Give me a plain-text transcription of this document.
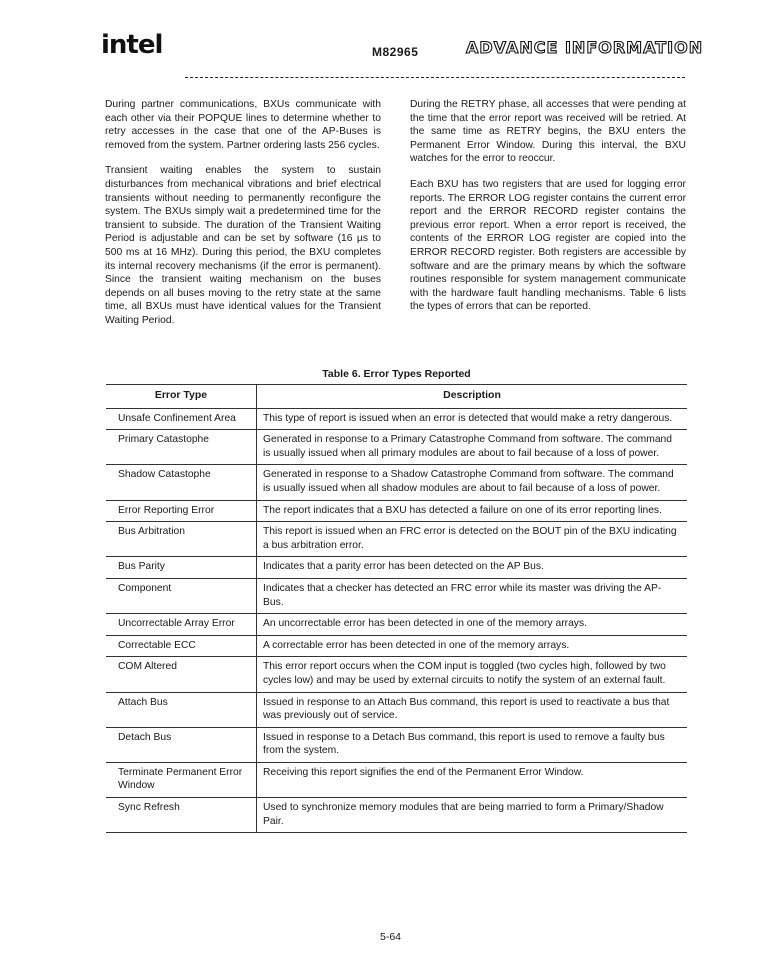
intel	M82965	ADVANCE INFORMATION

During partner communications, BXUs communicate with each other via their POPQUE lines to determine whether to retry accesses in the case that one of the AP-Buses is removed from the system. Partner ordering lasts 256 cycles.

Transient waiting enables the system to sustain disturbances from mechanical vibrations and brief electrical transients without needing to permanently reconfigure the system. The BXUs simply wait a predetermined time for the transient to subside. The duration of the Transient Waiting Period is adjustable and can be set by software (16 µs to 500 ms at 16 MHz). During this period, the BXU completes its internal recovery mechanisms (if the error is permanent). Since the transient waiting mechanism on the buses depends on all buses moving to the retry state at the same time, all BXUs must have identical values for the Transient Waiting Period.

During the RETRY phase, all accesses that were pending at the time that the error report was received will be retried. At the same time as RETRY begins, the BXU enters the Permanent Error Window. During this interval, the BXU watches for the error to reoccur.

Each BXU has two registers that are used for logging error reports. The ERROR LOG register contains the current error report and the ERROR RECORD register contains the previous error report. When a error report is received, the contents of the ERROR LOG register are copied into the ERROR RECORD register. Both registers are accessible by software and are the primary means by which the software routines responsible for system management communicate with the hardware fault handling mechanisms. Table 6 lists the types of errors that can be reported.

Table 6. Error Types Reported
Error Type	Description
Unsafe Confinement Area	This type of report is issued when an error is detected that would make a retry dangerous.
Primary Catastophe	Generated in response to a Primary Catastrophe Command from software. The command is usually issued when all primary modules are about to fail because of a loss of power.
Shadow Catastophe	Generated in response to a Shadow Catastrophe Command from software. The command is usually issued when all shadow modules are about to fail because of a loss of power.
Error Reporting Error	The report indicates that a BXU has detected a failure on one of its error reporting lines.
Bus Arbitration	This report is issued when an FRC error is detected on the BOUT pin of the BXU indicating a bus arbitration error.
Bus Parity	Indicates that a parity error has been detected on the AP Bus.
Component	Indicates that a checker has detected an FRC error while its master was driving the AP-Bus.
Uncorrectable Array Error	An uncorrectable error has been detected in one of the memory arrays.
Correctable ECC	A correctable error has been detected in one of the memory arrays.
COM Altered	This error report occurs when the COM input is toggled (two cycles high, followed by two cycles low) and may be used by external circuits to notify the system of an external fault.
Attach Bus	Issued in response to an Attach Bus command, this report is used to reactivate a bus that was previously out of service.
Detach Bus	Issued in response to a Detach Bus command, this report is used to remove a faulty bus from the system.
Terminate Permanent Error Window	Receiving this report signifies the end of the Permanent Error Window.
Sync Refresh	Used to synchronize memory modules that are being married to form a Primary/Shadow Pair.
5-64
